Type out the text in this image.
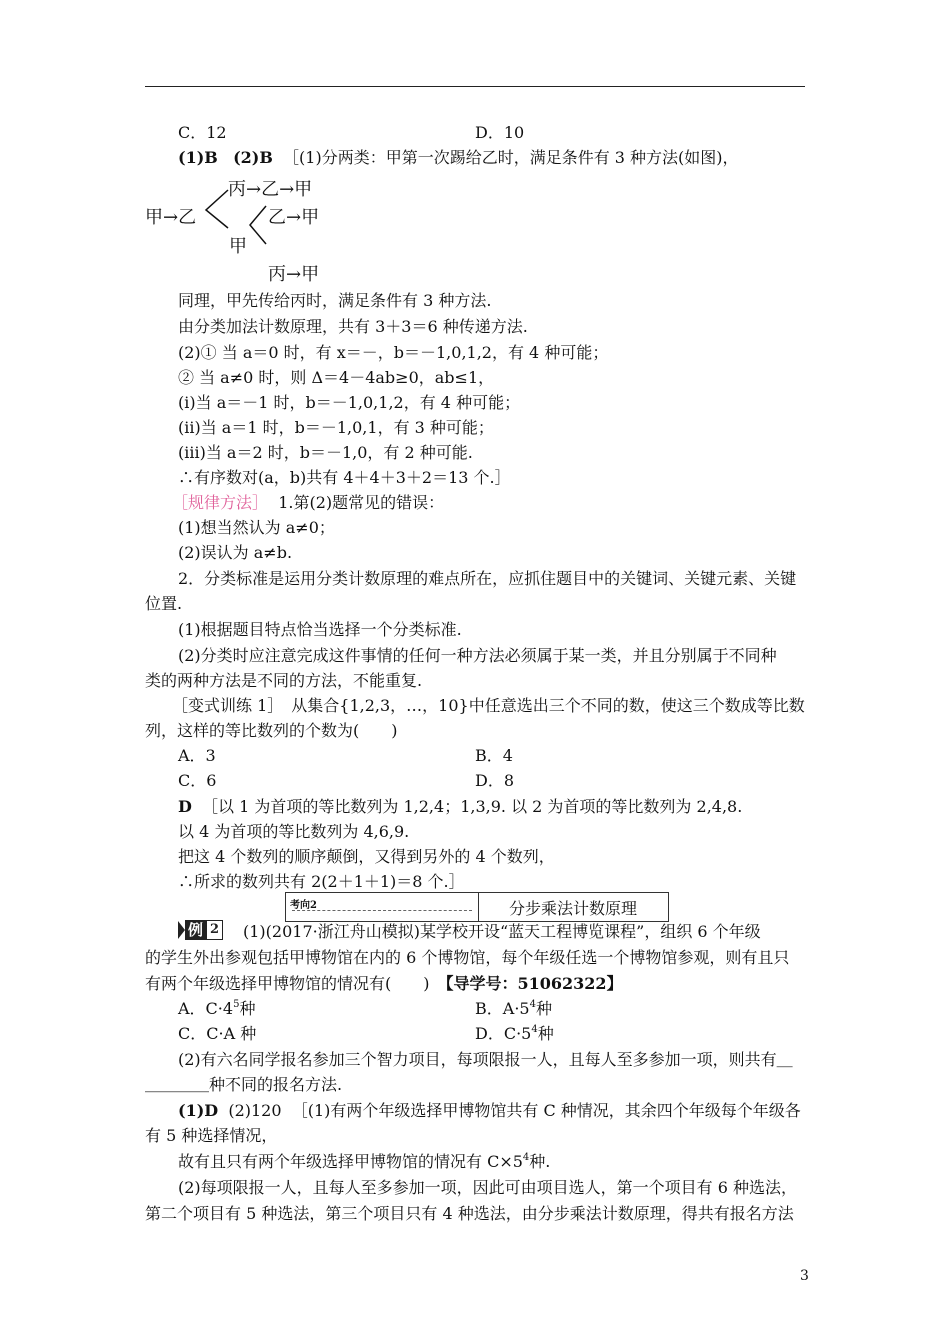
C．12	D．10
(1)B (2)B ［(1)分两类：甲第一次踢给乙时，满足条件有 3 种方法(如图)，
甲→乙
丙→乙→甲
乙→甲
甲
丙→甲
同理，甲先传给丙时，满足条件有 3 种方法.
由分类加法计数原理，共有 3＋3＝6 种传递方法.
(2)① 当 a＝0 时，有 x＝－，b＝－1,0,1,2，有 4 种可能；
② 当 a≠0 时，则 Δ＝4－4ab≥0，ab≤1，
(ⅰ)当 a＝－1 时，b＝－1,0,1,2，有 4 种可能；
(ⅱ)当 a＝1 时，b＝－1,0,1，有 3 种可能；
(ⅲ)当 a＝2 时，b＝－1,0，有 2 种可能.
∴有序数对(a，b)共有 4＋4＋3＋2＝13 个.］
［规律方法］ 1.第(2)题常见的错误：
(1)想当然认为 a≠0；
(2)误认为 a≠b.
2．分类标准是运用分类计数原理的难点所在，应抓住题目中的关键词、关键元素、关键
位置.
(1)根据题目特点恰当选择一个分类标准.
(2)分类时应注意完成这件事情的任何一种方法必须属于某一类，并且分别属于不同种
类的两种方法是不同的方法，不能重复.
［变式训练 1］　从集合{1,2,3，…，10}中任意选出三个不同的数，使这三个数成等比数
列，这样的等比数列的个数为(　　)
A．3	B．4
C．6	D．8
D ［以 1 为首项的等比数列为 1,2,4；1,3,9. 以 2 为首项的等比数列为 2,4,8.
以 4 为首项的等比数列为 4,6,9.
把这 4 个数列的顺序颠倒，又得到另外的 4 个数列，
∴所求的数列共有 2(2＋1＋1)＝8 个.］
考向2	分步乘法计数原理
例 2 (1)(2017·浙江舟山模拟)某学校开设“蓝天工程博览课程”，组织 6 个年级
的学生外出参观包括甲博物馆在内的 6 个博物馆，每个年级任选一个博物馆参观，则有且只
有两个年级选择甲博物馆的情况有(　　)　【导学号：51062322】
A．$C\cdot 4^5$种	B．$A\cdot 5^4$种
C．C·A 种	D．$C\cdot 5^4$种
(2)有六名同学报名参加三个智力项目，每项限报一人，且每人至多参加一项，则共有＿
＿＿＿＿种不同的报名方法.
(1)D (2)120 ［(1)有两个年级选择甲博物馆共有 C 种情况，其余四个年级每个年级各
有 5 种选择情况，
故有且只有两个年级选择甲博物馆的情况有 $C\times 5^4$种.
(2)每项限报一人，且每人至多参加一项，因此可由项目选人，第一个项目有 6 种选法，
第二个项目有 5 种选法，第三个项目只有 4 种选法，由分步乘法计数原理，得共有报名方法
3
